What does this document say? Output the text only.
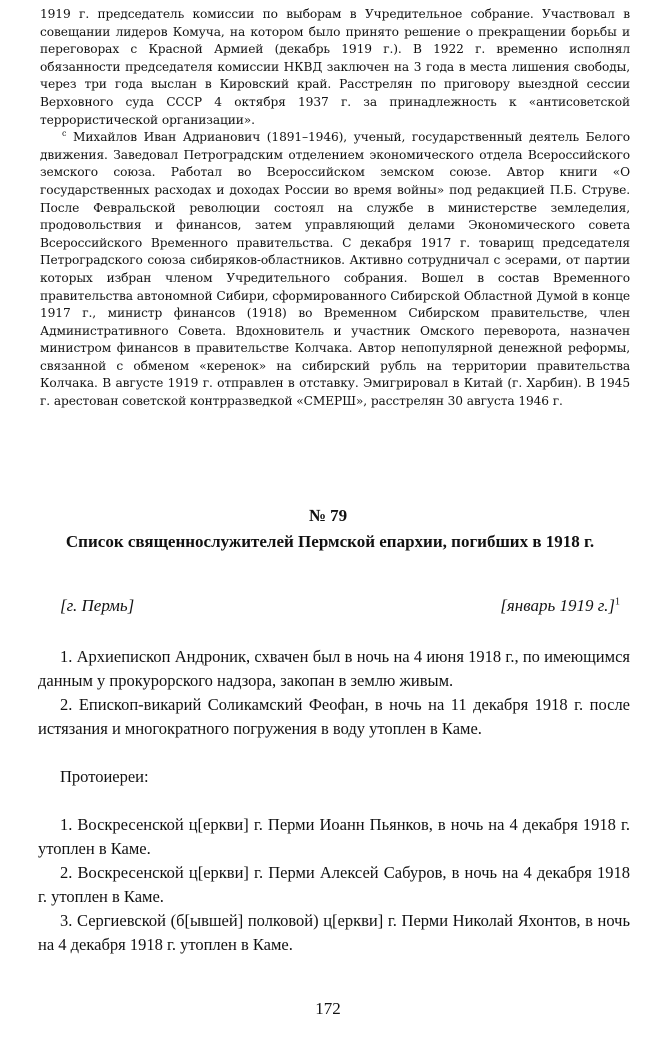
1919 г. председатель комиссии по выборам в Учредительное собрание. Участвовал в совещании лидеров Комуча, на котором было принято решение о прекращении борьбы и переговорах с Красной Армией (декабрь 1919 г.). В 1922 г. временно исполнял обязанности председателя комиссии НКВД заключен на 3 года в места лишения свободы, через три года выслан в Кировский край. Расстрелян по приговору выездной сессии Верховного суда СССР 4 октября 1937 г. за принадлежность к «антисоветской террористической организации».

$^с$ Михайлов Иван Адрианович (1891–1946), ученый, государственный деятель Белого движения. Заведовал Петроградским отделением экономического отдела Всероссийского земского союза. Работал во Всероссийском земском союзе. Автор книги «О государственных расходах и доходах России во время войны» под редакцией П.Б. Струве. После Февральской революции состоял на службе в министерстве земледелия, продовольствия и финансов, затем управляющий делами Экономического совета Всероссийского Временного правительства. С декабря 1917 г. товарищ председателя Петроградского союза сибиряков-областников. Активно сотрудничал с эсерами, от партии которых избран членом Учредительного собрания. Вошел в состав Временного правительства автономной Сибири, сформированного Сибирской Областной Думой в конце 1917 г., министр финансов (1918) во Временном Сибирском правительстве, член Административного Совета. Вдохновитель и участник Омского переворота, назначен министром финансов в правительстве Колчака. Автор непопулярной денежной реформы, связанной с обменом «керенок» на сибирский рубль на территории правительства Колчака. В августе 1919 г. отправлен в отставку. Эмигрировал в Китай (г. Харбин). В 1945 г. арестован советской контрразведкой «СМЕРШ», расстрелян 30 августа 1946 г.

№ 79
Список священнослужителей Пермской епархии, погибших в 1918 г.
[г. Пермь]	[январь 1919 г.]$^1$

1. Архиепископ Андроник, схвачен был в ночь на 4 июня 1918 г., по имеющимся данным у прокурорского надзора, закопан в землю живым.

2. Епископ-викарий Соликамский Феофан, в ночь на 11 декабря 1918 г. после истязания и многократного погружения в воду утоплен в Каме.

Протоиереи:

1. Воскресенской ц[еркви] г. Перми Иоанн Пьянков, в ночь на 4 декабря 1918 г. утоплен в Каме.

2. Воскресенской ц[еркви] г. Перми Алексей Сабуров, в ночь на 4 декабря 1918 г. утоплен в Каме.

3. Сергиевской (б[ывшей] полковой) ц[еркви] г. Перми Николай Яхонтов, в ночь на 4 декабря 1918 г. утоплен в Каме.

172
